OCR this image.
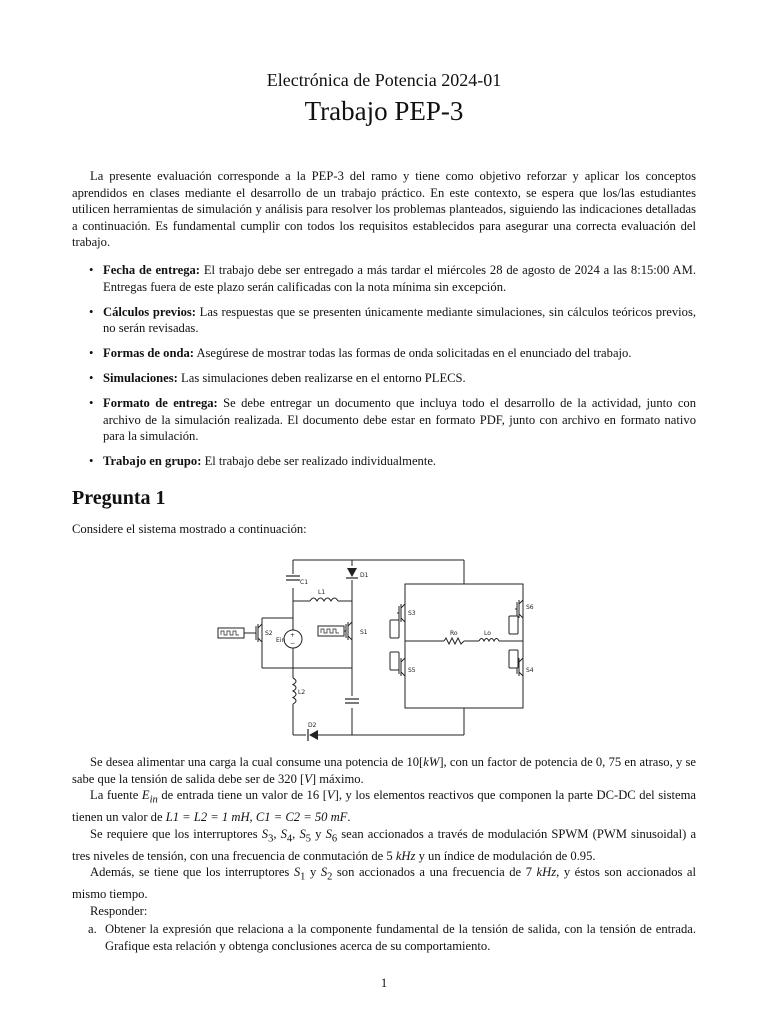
Electrónica de Potencia 2024-01
Trabajo PEP-3

La presente evaluación corresponde a la PEP-3 del ramo y tiene como objetivo reforzar y aplicar los conceptos aprendidos en clases mediante el desarrollo de un trabajo práctico. En este contexto, se espera que los/las estudiantes utilicen herramientas de simulación y análisis para resolver los problemas planteados, siguiendo las indicaciones detalladas a continuación. Es fundamental cumplir con todos los requisitos establecidos para asegurar una correcta evaluación del trabajo.

• Fecha de entrega: El trabajo debe ser entregado a más tardar el miércoles 28 de agosto de 2024 a las 8:15:00 AM. Entregas fuera de este plazo serán calificadas con la nota mínima sin excepción.
• Cálculos previos: Las respuestas que se presenten únicamente mediante simulaciones, sin cálculos teóricos previos, no serán revisadas.
• Formas de onda: Asegúrese de mostrar todas las formas de onda solicitadas en el enunciado del trabajo.
• Simulaciones: Las simulaciones deben realizarse en el entorno PLECS.
• Formato de entrega: Se debe entregar un documento que incluya todo el desarrollo de la actividad, junto con archivo de la simulación realizada. El documento debe estar en formato PDF, junto con archivo en formato nativo para la simulación.
• Trabajo en grupo: El trabajo debe ser realizado individualmente.
Pregunta 1
Considere el sistema mostrado a continuación:
C1
D1
L1
+
−
Ein
S2	S1
L2
D2
S3
S6
S5	S4
Ro	Lo

Se desea alimentar una carga la cual consume una potencia de 10[kW], con un factor de potencia de 0, 75 en atraso, y se sabe que la tensión de salida debe ser de 320 [V] máximo.

La fuente $E_{in}$ de entrada tiene un valor de 16 [V], y los elementos reactivos que componen la parte DC-DC del sistema tienen un valor de L1 = L2 = 1 mH, C1 = C2 = 50 mF.

Se requiere que los interruptores $S_3$, $S_4$, $S_5$ y $S_6$ sean accionados a través de modulación SPWM (PWM sinusoidal) a tres niveles de tensión, con una frecuencia de conmutación de 5 kHz y un índice de modulación de 0.95.

Además, se tiene que los interruptores $S_1$ y $S_2$ son accionados a una frecuencia de 7 kHz, y éstos son accionados al mismo tiempo.

Responder:

a. Obtener la expresión que relaciona a la componente fundamental de la tensión de salida, con la tensión de entrada. Grafique esta relación y obtenga conclusiones acerca de su comportamiento.
1
